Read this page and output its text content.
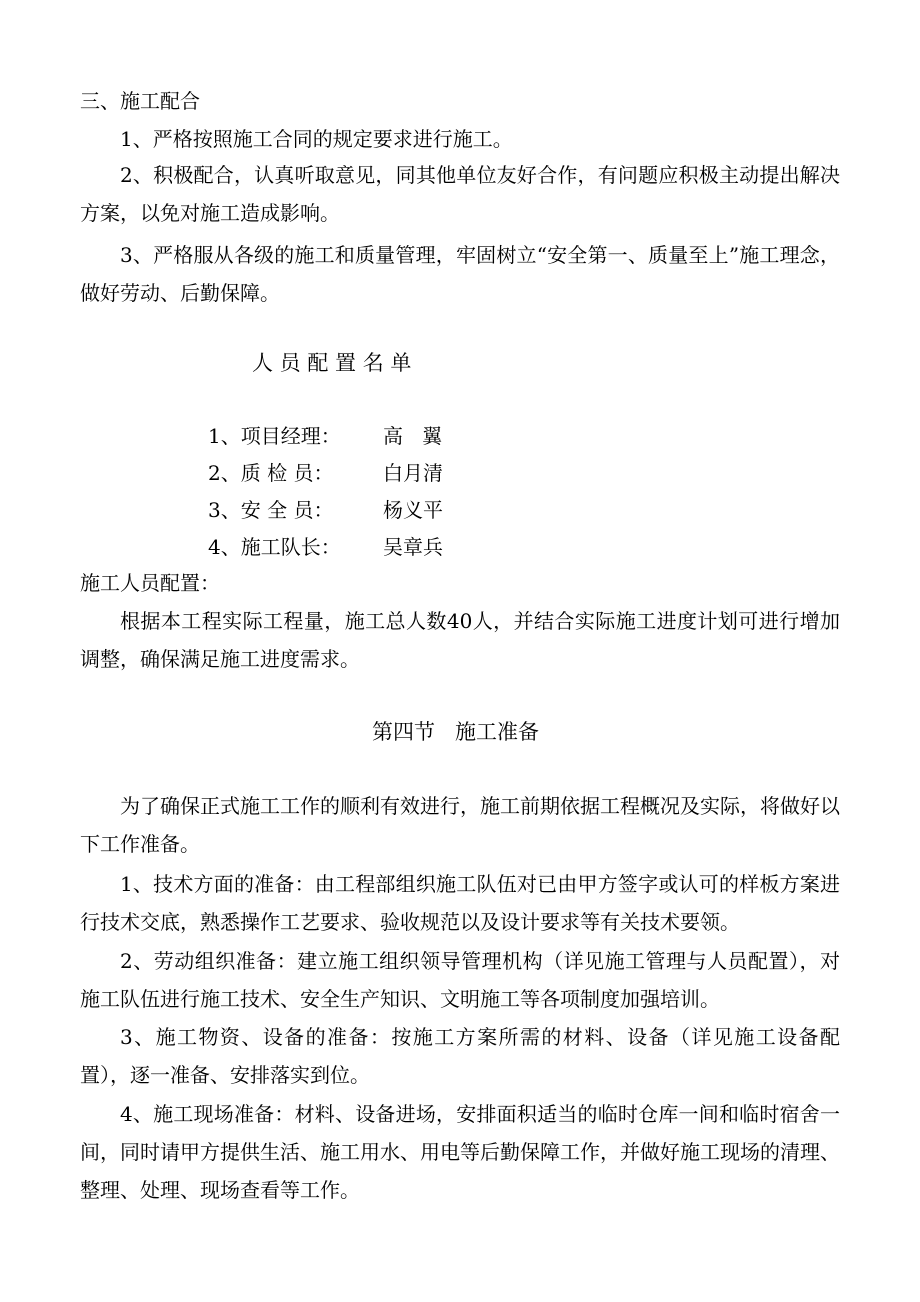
三、施工配合

1、严格按照施工合同的规定要求进行施工。

2、积极配合，认真听取意见，同其他单位友好合作，有问题应积极主动提出解决方案，以免对施工造成影响。

3、严格服从各级的施工和质量管理，牢固树立“安全第一、质量至上”施工理念，做好劳动、后勤保障。

人 员 配 置 名 单
1、项目经理： 高   翼
2、质 检 员： 白月清
3、安 全 员： 杨义平
4、施工队长： 吴章兵

施工人员配置：

根据本工程实际工程量，施工总人数40人，并结合实际施工进度计划可进行增加调整，确保满足施工进度需求。

第四节   施工准备

为了确保正式施工工作的顺利有效进行，施工前期依据工程概况及实际，将做好以下工作准备。

1、技术方面的准备：由工程部组织施工队伍对已由甲方签字或认可的样板方案进行技术交底，熟悉操作工艺要求、验收规范以及设计要求等有关技术要领。

2、劳动组织准备：建立施工组织领导管理机构（详见施工管理与人员配置），对施工队伍进行施工技术、安全生产知识、文明施工等各项制度加强培训。

3、施工物资、设备的准备：按施工方案所需的材料、设备（详见施工设备配置），逐一准备、安排落实到位。

4、施工现场准备：材料、设备进场，安排面积适当的临时仓库一间和临时宿舍一间，同时请甲方提供生活、施工用水、用电等后勤保障工作，并做好施工现场的清理、整理、处理、现场查看等工作。
